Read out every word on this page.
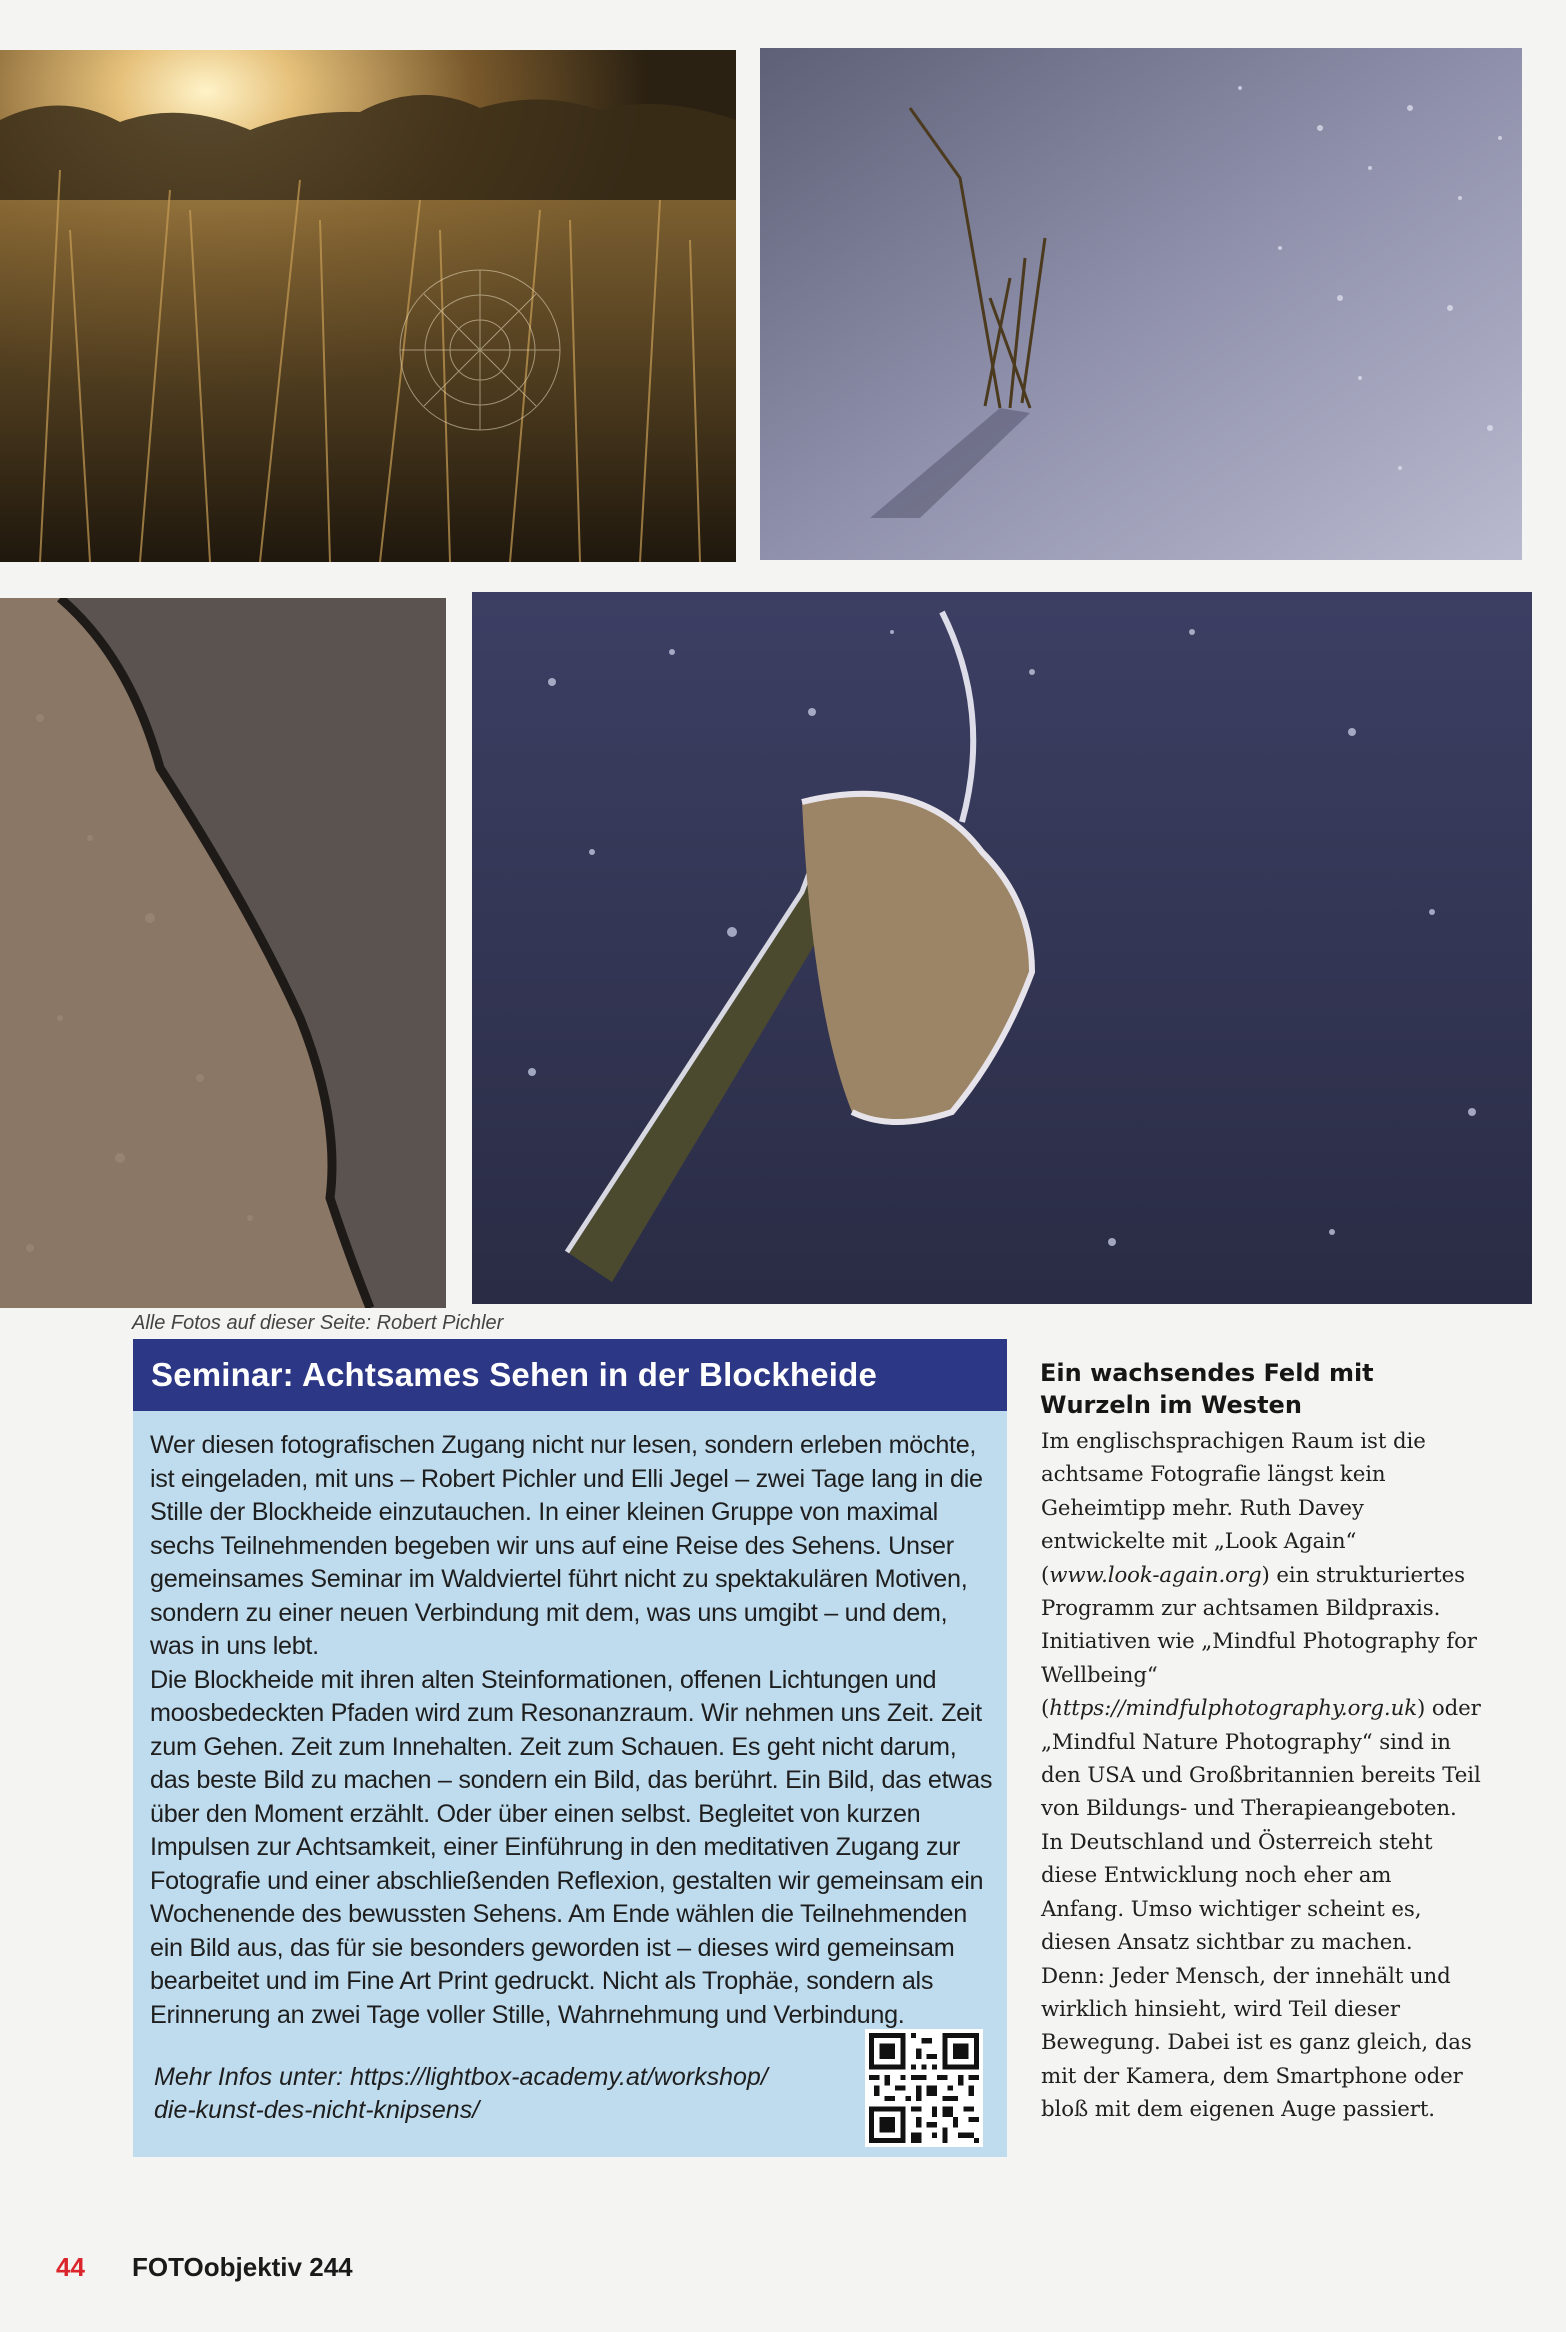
Alle Fotos auf dieser Seite: Robert Pichler
Seminar: Achtsames Sehen in der Blockheide

Wer diesen fotografischen Zugang nicht nur lesen, sondern erleben möchte, ist eingeladen, mit uns – Robert Pichler und Elli Jegel – zwei Tage lang in die Stille der Blockheide einzutauchen. In einer kleinen Gruppe von maximal sechs Teilnehmenden begeben wir uns auf eine Reise des Sehens. Unser gemeinsames Seminar im Waldviertel führt nicht zu spektakulären Motiven, sondern zu einer neuen Verbindung mit dem, was uns umgibt – und dem, was in uns lebt.

Die Blockheide mit ihren alten Steinformationen, offenen Lichtungen und moosbedeckten Pfaden wird zum Resonanzraum. Wir nehmen uns Zeit. Zeit zum Gehen. Zeit zum Innehalten. Zeit zum Schauen. Es geht nicht darum, das beste Bild zu machen – sondern ein Bild, das berührt. Ein Bild, das etwas über den Moment erzählt. Oder über einen selbst. Begleitet von kurzen Impulsen zur Achtsamkeit, einer Einführung in den meditativen Zugang zur Fotografie und einer abschließenden Reflexion, gestalten wir gemeinsam ein Wochenende des bewussten Sehens. Am Ende wählen die Teilnehmenden ein Bild aus, das für sie besonders geworden ist – dieses wird gemeinsam bearbeitet und im Fine Art Print gedruckt. Nicht als Trophäe, sondern als Erinnerung an zwei Tage voller Stille, Wahrnehmung und Verbindung.

Mehr Infos unter: https://lightbox-academy.at/workshop/
die-kunst-des-nicht-knipsens/
Ein wachsendes Feld mit Wurzeln im Westen

Im englischsprachigen Raum ist die achtsame Fotografie längst kein Geheimtipp mehr. Ruth Davey entwickelte mit „Look Again“ (www.look-again.org) ein strukturiertes Programm zur achtsamen Bildpraxis. Initiativen wie „Mindful Photography for Wellbeing“ (https://mindfulphotography.org.uk) oder „Mindful Nature Photography“ sind in den USA und Großbritannien bereits Teil von Bildungs- und Therapieangeboten.

In Deutschland und Österreich steht diese Entwicklung noch eher am Anfang. Umso wichtiger scheint es, diesen Ansatz sichtbar zu machen.

Denn: Jeder Mensch, der innehält und wirklich hinsieht, wird Teil dieser Bewegung. Dabei ist es ganz gleich, das mit der Kamera, dem Smartphone oder bloß mit dem eigenen Auge passiert.

44 FOTOobjektiv 244
